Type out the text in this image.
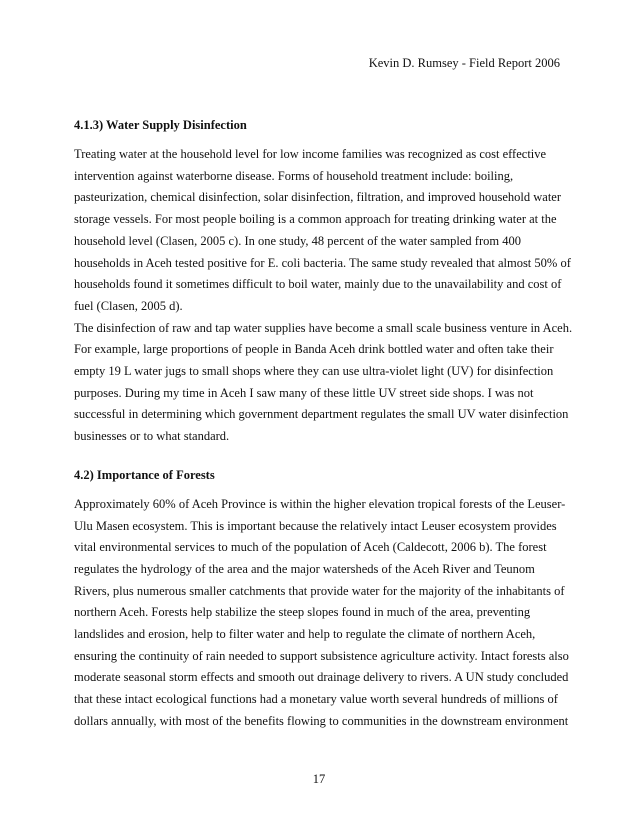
Kevin D. Rumsey - Field Report 2006
4.1.3) Water Supply Disinfection
Treating water at the household level for low income families was recognized as cost effective
intervention against waterborne disease. Forms of household treatment include: boiling,
pasteurization, chemical disinfection, solar disinfection, filtration, and improved household water
storage vessels. For most people boiling is a common approach for treating drinking water at the
household level (Clasen, 2005 c). In one study, 48 percent of the water sampled from 400
households in Aceh tested positive for E. coli bacteria. The same study revealed that almost 50% of
households found it sometimes difficult to boil water, mainly due to the unavailability and cost of
fuel (Clasen, 2005 d).
The disinfection of raw and tap water supplies have become a small scale business venture in Aceh.
For example, large proportions of people in Banda Aceh drink bottled water and often take their
empty 19 L water jugs to small shops where they can use ultra-violet light (UV) for disinfection
purposes. During my time in Aceh I saw many of these little UV street side shops. I was not
successful in determining which government department regulates the small UV water disinfection
businesses or to what standard.
4.2) Importance of Forests
Approximately 60% of Aceh Province is within the higher elevation tropical forests of the Leuser-
Ulu Masen ecosystem. This is important because the relatively intact Leuser ecosystem provides
vital environmental services to much of the population of Aceh (Caldecott, 2006 b). The forest
regulates the hydrology of the area and the major watersheds of the Aceh River and Teunom
Rivers, plus numerous smaller catchments that provide water for the majority of the inhabitants of
northern Aceh. Forests help stabilize the steep slopes found in much of the area, preventing
landslides and erosion, help to filter water and help to regulate the climate of northern Aceh,
ensuring the continuity of rain needed to support subsistence agriculture activity. Intact forests also
moderate seasonal storm effects and smooth out drainage delivery to rivers. A UN study concluded
that these intact ecological functions had a monetary value worth several hundreds of millions of
dollars annually, with most of the benefits flowing to communities in the downstream environment
17
